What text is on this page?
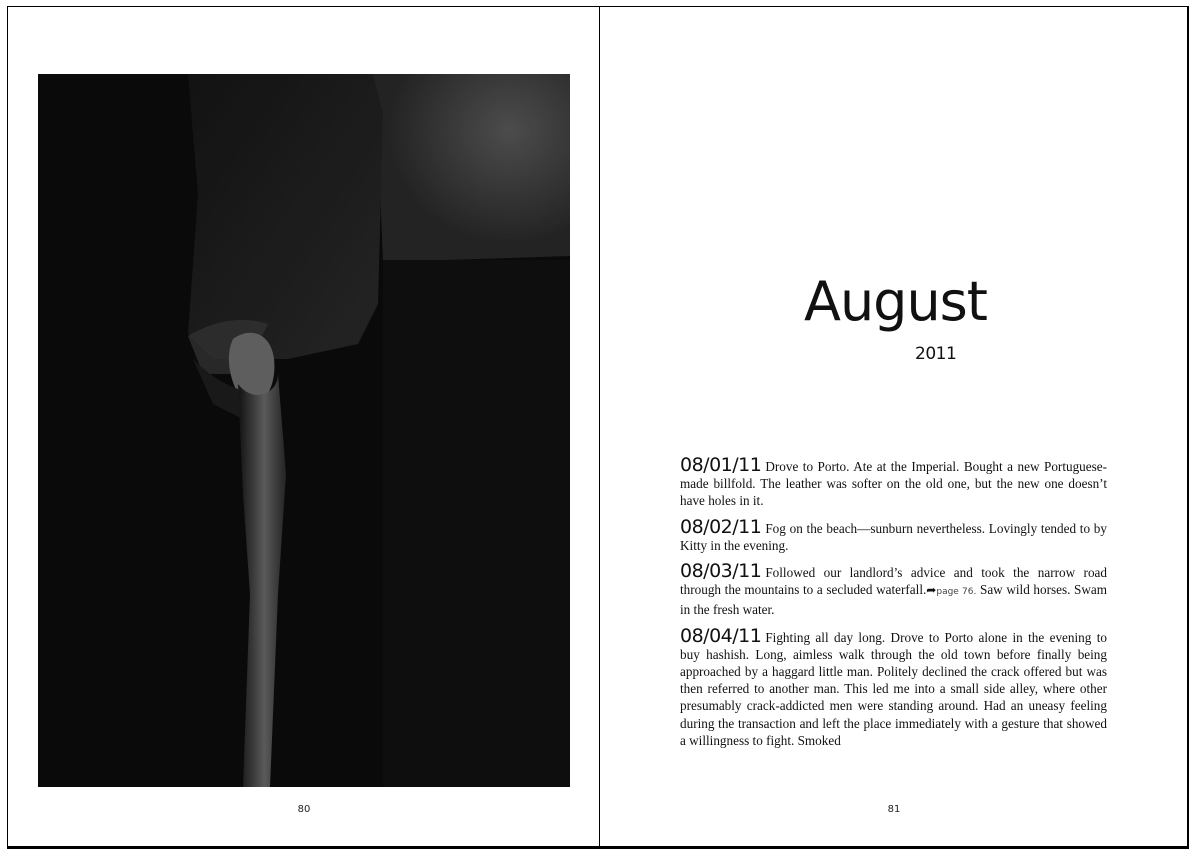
80
August
2011

08/01/11 Drove to Porto. Ate at the Imperial. Bought a new Portuguese-made billfold. The leather was softer on the old one, but the new one doesn’t have holes in it.

08/02/11 Fog on the beach—sunburn nevertheless. Lovingly tended to by Kitty in the evening.

08/03/11 Followed our landlord’s advice and took the narrow road through the mountains to a secluded waterfall.➦page 76. Saw wild horses. Swam in the fresh water.

08/04/11 Fighting all day long. Drove to Porto alone in the evening to buy hashish. Long, aimless walk through the old town before finally being approached by a haggard little man. Politely declined the crack offered but was then referred to another man. This led me into a small side alley, where other presumably crack-addicted men were standing around. Had an uneasy feeling during the transaction and left the place immediately with a gesture that showed a willingness to fight. Smoked

81
